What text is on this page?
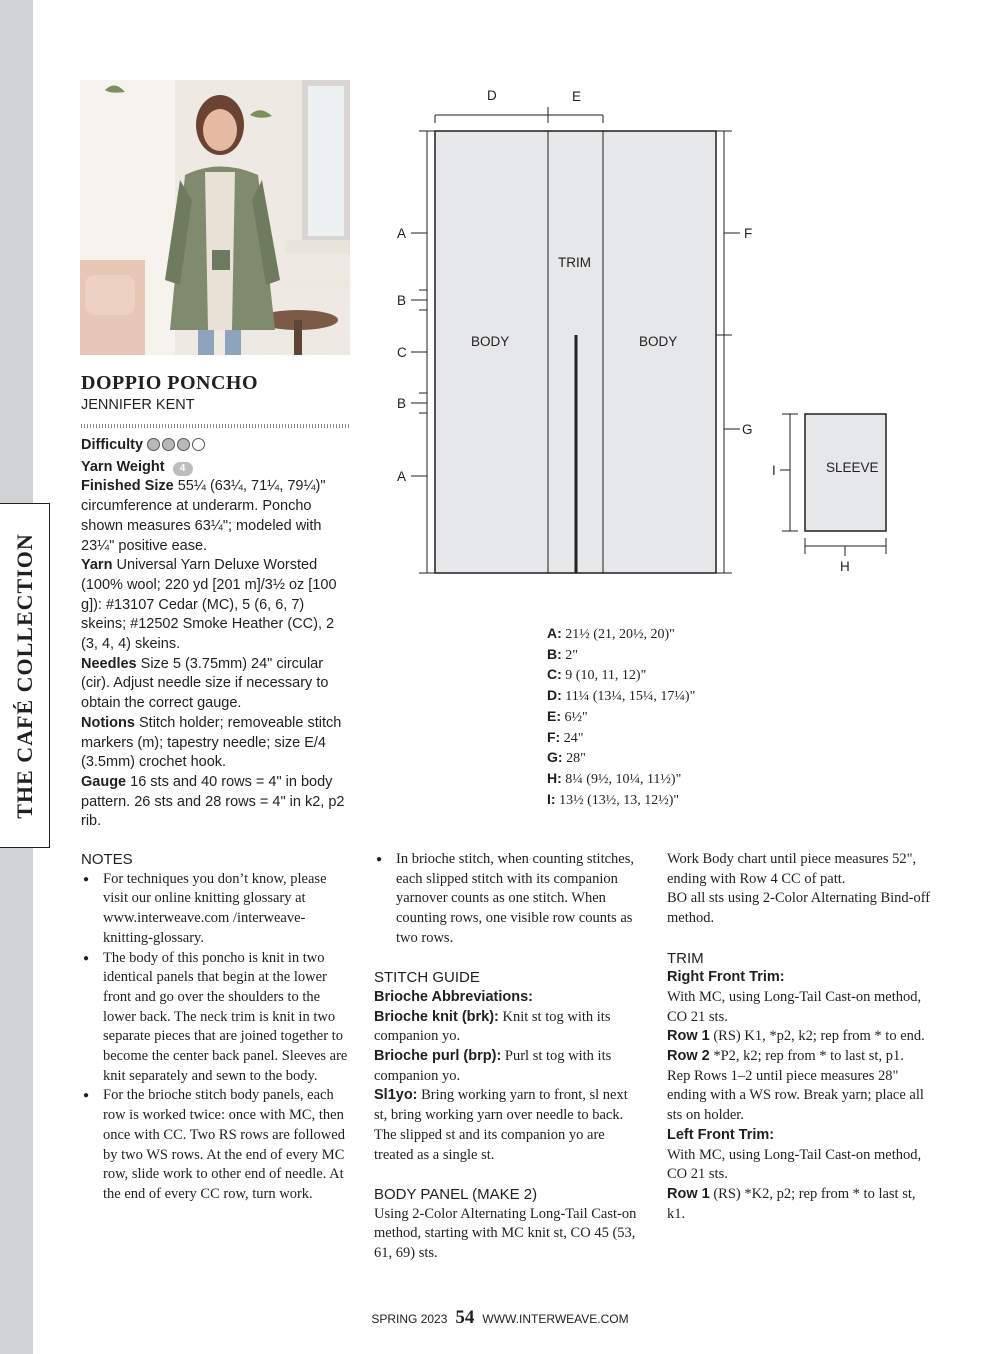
THE CAFÉ COLLECTION
DOPPIO PONCHO
JENNIFER KENT

Difficulty

Yarn Weight 4

Finished Size 55¼ (63¼, 71¼, 79¼)" circumference at underarm. Poncho shown measures 63¼"; modeled with 23¼" positive ease.

Yarn Universal Yarn Deluxe Worsted (100% wool; 220 yd [201 m]/3½ oz [100 g]): #13107 Cedar (MC), 5 (6, 6, 7) skeins; #12502 Smoke Heather (CC), 2 (3, 4, 4) skeins.

Needles Size 5 (3.75mm) 24" circular (cir). Adjust needle size if necessary to obtain the correct gauge.

Notions Stitch holder; removeable stitch markers (m); tapestry needle; size E/4 (3.5mm) crochet hook.

Gauge 16 sts and 40 rows = 4" in body pattern. 26 sts and 28 rows = 4" in k2, p2 rib.

D	E
A
B
C
B
A
F
G
I
H
TRIM
BODY	BODY
SLEEVE
A: 21½ (21, 20½, 20)"
B: 2"
C: 9 (10, 11, 12)"
D: 11¼ (13¼, 15¼, 17¼)"
E: 6½"
F: 24"
G: 28"
H: 8¼ (9½, 10¼, 11½)"
I: 13½ (13½, 13, 12½)"

NOTES

● For techniques you don’t know, please visit our online knitting glossary at www.interweave.com /interweave-knitting-glossary.

● The body of this poncho is knit in two identical panels that begin at the lower front and go over the shoulders to the lower back. The neck trim is knit in two separate pieces that are joined together to become the center back panel. Sleeves are knit separately and sewn to the body.

● For the brioche stitch body panels, each row is worked twice: once with MC, then once with CC. Two RS rows are followed by two WS rows. At the end of every MC row, slide work to other end of needle. At the end of every CC row, turn work.

● In brioche stitch, when counting stitches, each slipped stitch with its companion yarnover counts as one stitch. When counting rows, one visible row counts as two rows.

STITCH GUIDE

Brioche Abbreviations:

Brioche knit (brk): Knit st tog with its companion yo.

Brioche purl (brp): Purl st tog with its companion yo.

Sl1yo: Bring working yarn to front, sl next st, bring working yarn over needle to back. The slipped st and its companion yo are treated as a single st.

BODY PANEL (MAKE 2)

Using 2-Color Alternating Long-Tail Cast-on method, starting with MC knit st, CO 45 (53, 61, 69) sts.

Work Body chart until piece measures 52", ending with Row 4 CC of patt.

BO all sts using 2-Color Alternating Bind-off method.

TRIM

Right Front Trim:

With MC, using Long-Tail Cast-on method, CO 21 sts.

Row 1 (RS) K1, *p2, k2; rep from * to end.

Row 2 *P2, k2; rep from * to last st, p1.

Rep Rows 1–2 until piece measures 28" ending with a WS row. Break yarn; place all sts on holder.

Left Front Trim:

With MC, using Long-Tail Cast-on method, CO 21 sts.

Row 1 (RS) *K2, p2; rep from * to last st, k1.

SPRING 2023 54 WWW.INTERWEAVE.COM
